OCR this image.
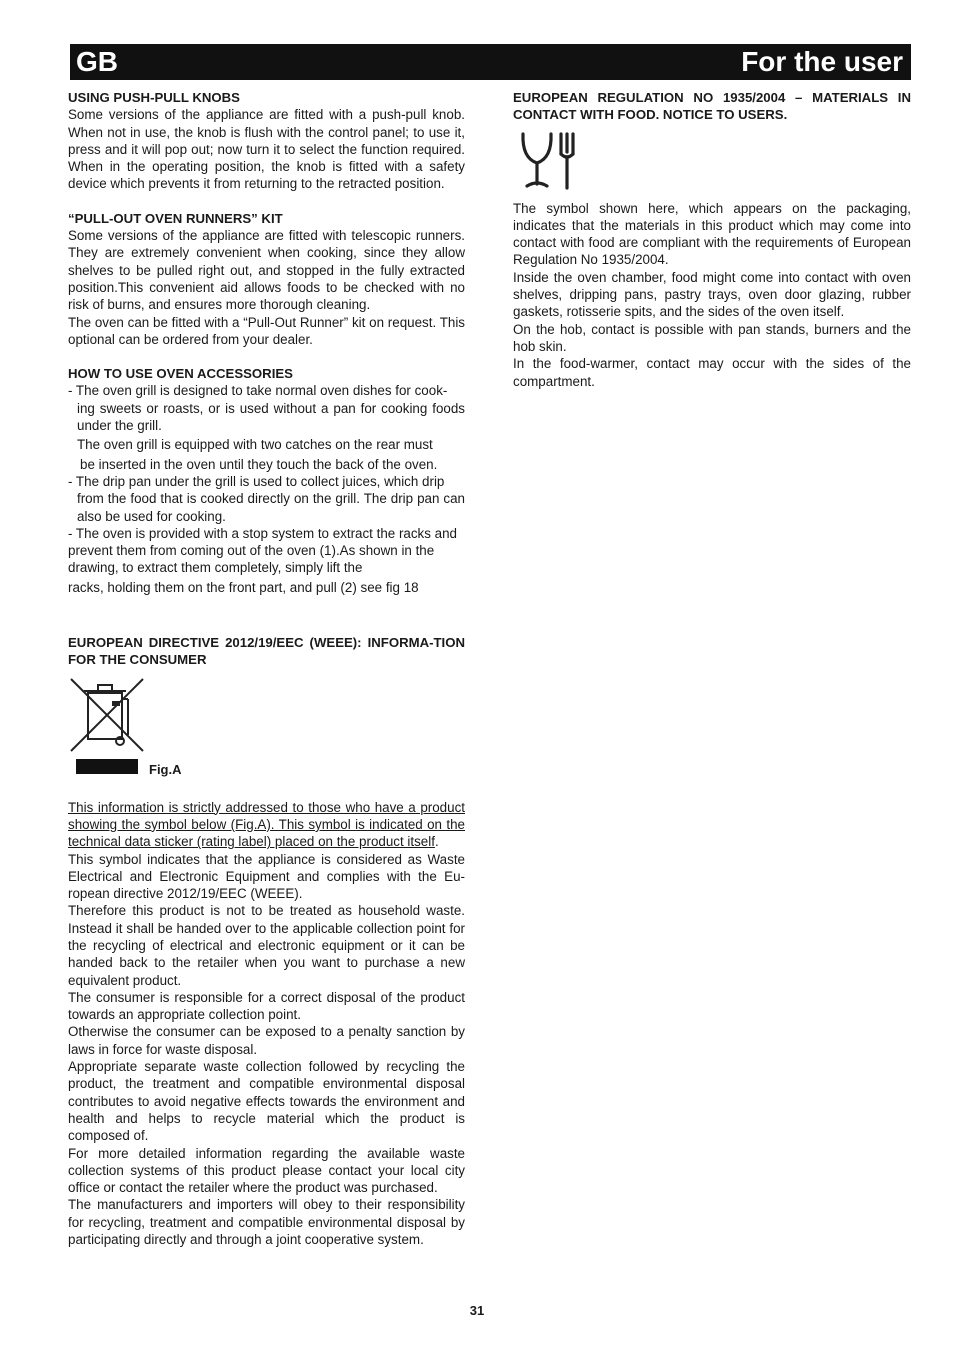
GB	For the user
USING PUSH-PULL KNOBS

Some versions of the appliance are fitted with a push-pull knob. When not in use, the knob is flush with the control panel; to use it, press and it will pop out; now turn it to select the function required. When in the operating position, the knob is fitted with a safety device which prevents it from returning to the retracted position.

“PULL-OUT OVEN RUNNERS” KIT

Some versions of the appliance are fitted with telescopic runners. They are extremely convenient when cooking, since they allow shelves to be pulled right out, and stopped in the fully extracted position.This convenient aid allows foods to be checked with no risk of burns, and ensures more thorough cleaning.

The oven can be fitted with a “Pull-Out Runner” kit on request. This optional can be ordered from your dealer.

HOW TO USE OVEN ACCESSORIES

- The oven grill is designed to take normal oven dishes for cook-

ing sweets or roasts, or is used without a pan for cooking foods under the grill.

The oven grill is equipped with two catches on the rear must

be inserted in the oven until they touch the back of the oven.

- The drip pan under the grill is used to collect juices, which drip

from the food that is cooked directly on the grill. The drip pan can also be used for cooking.

- The oven is provided with a stop system to extract the racks and prevent them from coming out of the oven (1).As shown in the drawing, to extract them completely, simply lift the

racks, holding them on the front part, and pull (2) see fig 18

EUROPEAN DIRECTIVE 2012/19/EEC (WEEE): INFORMA-TION FOR THE CONSUMER
Fig.A

This information is strictly addressed to those who have a product showing the symbol below (Fig.A). This symbol is indicated on the technical data sticker (rating label) placed on the product itself.

This symbol indicates that the appliance is considered as Waste Electrical and Electronic Equipment and complies with the Eu-ropean directive 2012/19/EEC (WEEE).

Therefore this product is not to be treated as household waste. Instead it shall be handed over to the applicable collection point for the recycling of electrical and electronic equipment or it can be handed back to the retailer when you want to purchase a new equivalent product.

The consumer is responsible for a correct disposal of the product towards an appropriate collection point.

Otherwise the consumer can be exposed to a penalty sanction by laws in force for waste disposal.

Appropriate separate waste collection followed by recycling the product, the treatment and compatible environmental disposal contributes to avoid negative effects towards the environment and health and helps to recycle material which the product is composed of.

For more detailed information regarding the available waste collection systems of this product please contact your local city office or contact the retailer where the product was purchased.

The manufacturers and importers will obey to their responsibility for recycling, treatment and compatible environmental disposal by participating directly and through a joint cooperative system.

EUROPEAN REGULATION NO 1935/2004 – MATERIALS IN CONTACT WITH FOOD. NOTICE TO USERS.

The symbol shown here, which appears on the packaging, indicates that the materials in this product which may come into contact with food are compliant with the requirements of European Regulation No 1935/2004.

Inside the oven chamber, food might come into contact with oven shelves, dripping pans, pastry trays, oven door glazing, rubber gaskets, rotisserie spits, and the sides of the oven itself.

On the hob, contact is possible with pan stands, burners and the hob skin.

In the food-warmer, contact may occur with the sides of the compartment.

31
